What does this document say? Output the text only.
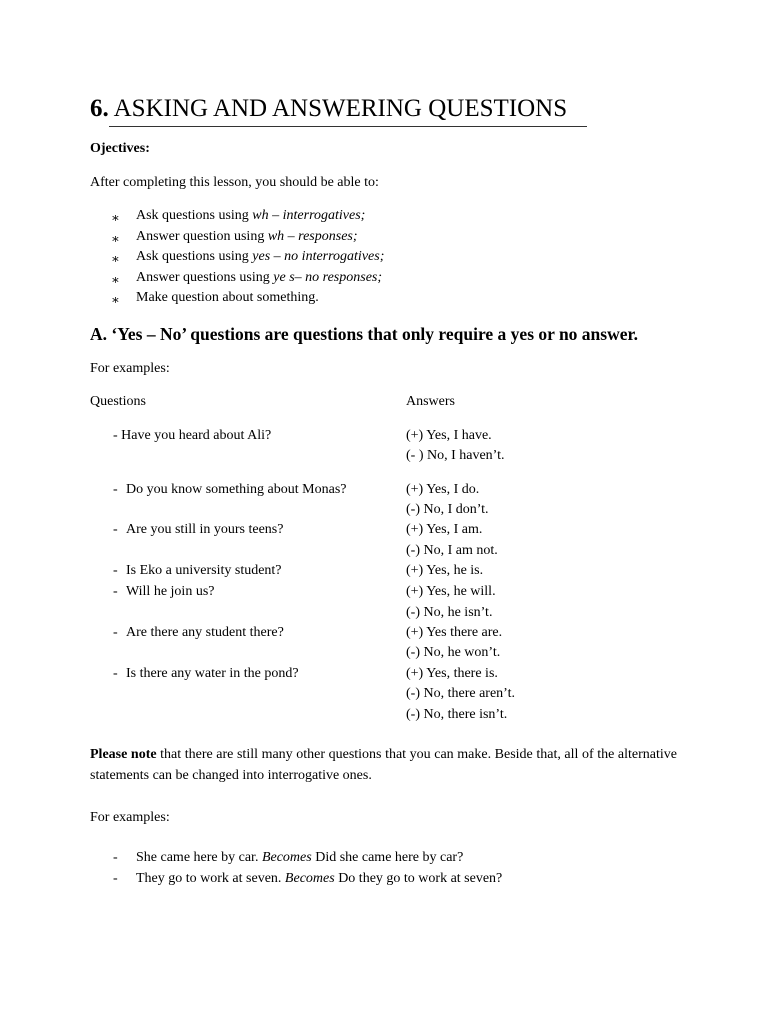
6. ASKING AND ANSWERING QUESTIONS
Ojectives:
After completing this lesson, you should be able to:
∗ Ask questions using wh – interrogatives;
∗ Answer question using wh – responses;
∗ Ask questions using yes – no interrogatives;
∗ Answer questions using ye s– no responses;
∗ Make question about something.
A. ‘Yes – No’ questions are questions that only require a yes or no answer.
For examples:
Questions	Answers
- Have you heard about Ali?
- Do you know something about Monas?
- Are you still in yours teens?
- Is Eko a university student?
- Will he join us?
- Are there any student there?
- Is there any water in the pond?
(+) Yes, I have.
(- ) No, I haven’t.
(+) Yes, I do.
(-) No, I don’t.
(+) Yes, I am.
(-) No, I am not.
(+) Yes, he is.
(+) Yes, he will.
(-) No, he isn’t.
(+) Yes there are.
(-) No, he won’t.
(+) Yes, there is.
(-) No, there aren’t.
(-) No, there isn’t.
Please note that there are still many other questions that you can make. Beside that, all of the alternative statements can be changed into interrogative ones.
For examples:
- She came here by car. Becomes Did she came here by car?
- They go to work at seven. Becomes Do they go to work at seven?
